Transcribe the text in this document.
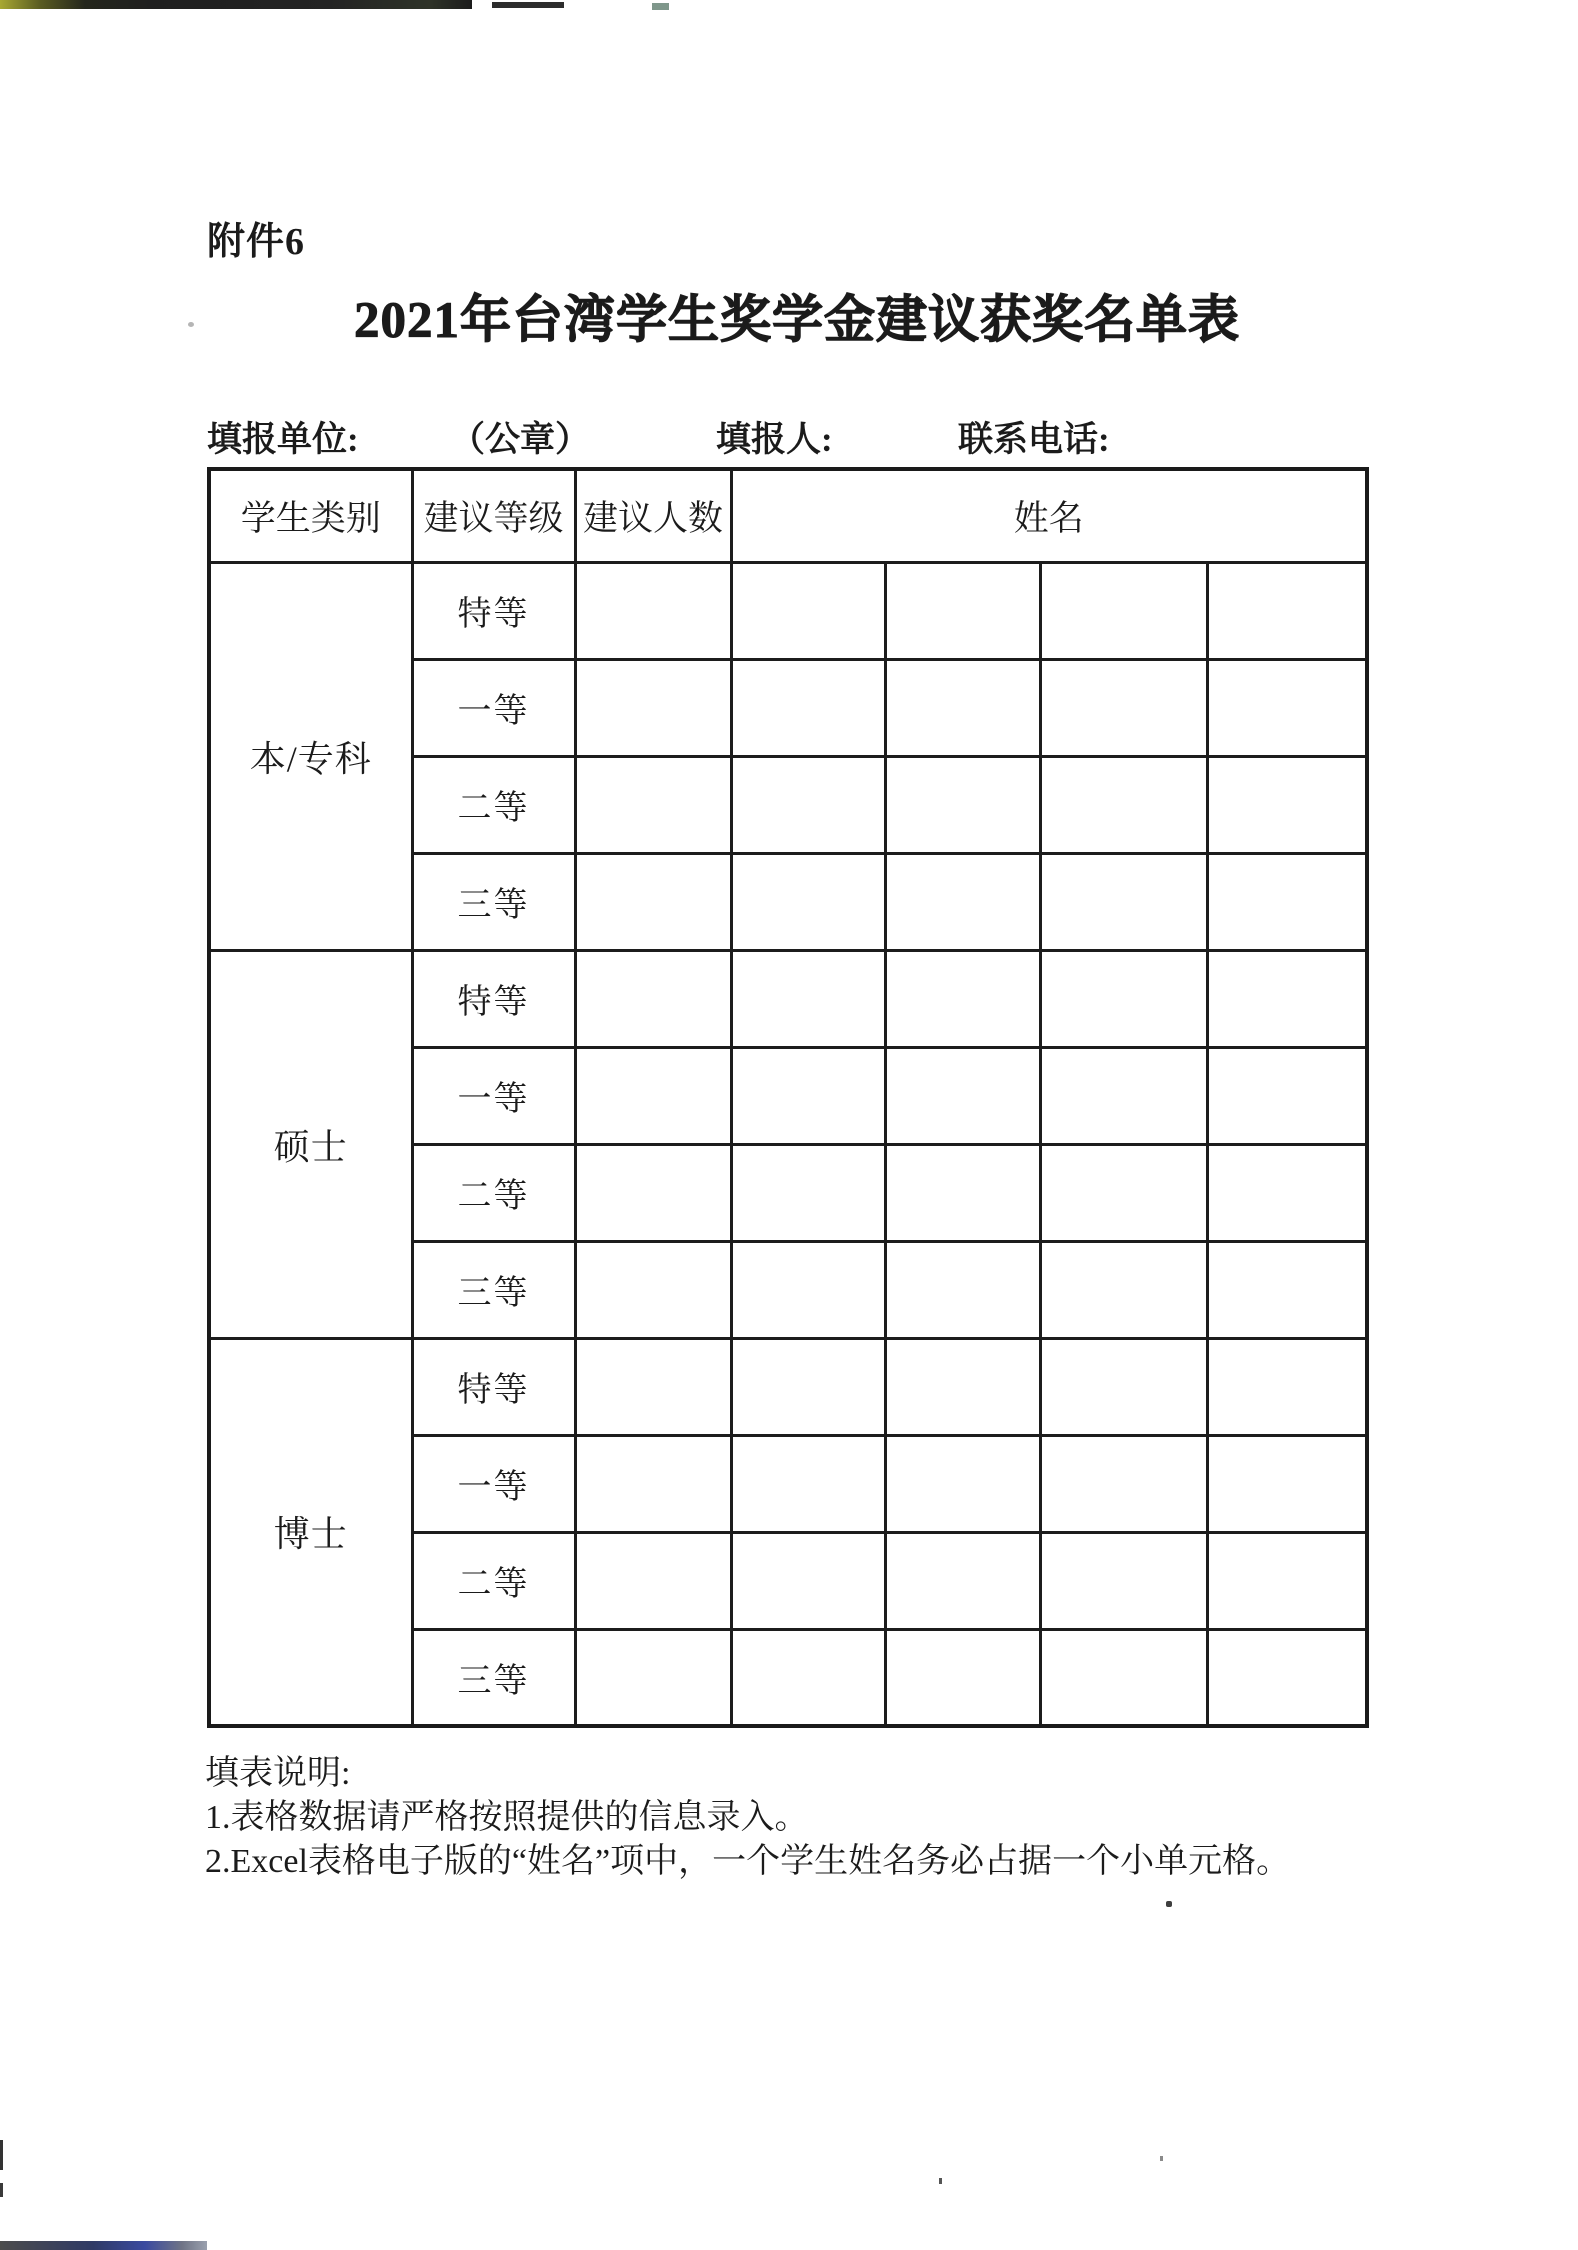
附件6
2021年台湾学生奖学金建议获奖名单表
填报单位:	（公章）	填报人:	联系电话:
学生类别	建议等级	建议人数	姓名			
本/专科	特等					
	一等					
	二等					
	三等					
硕士	特等					
	一等					
	二等					
	三等					
博士	特等					
	一等					
	二等					
	三等					
填表说明:
1.表格数据请严格按照提供的信息录入。
2.Excel表格电子版的“姓名”项中，一个学生姓名务必占据一个小单元格。
